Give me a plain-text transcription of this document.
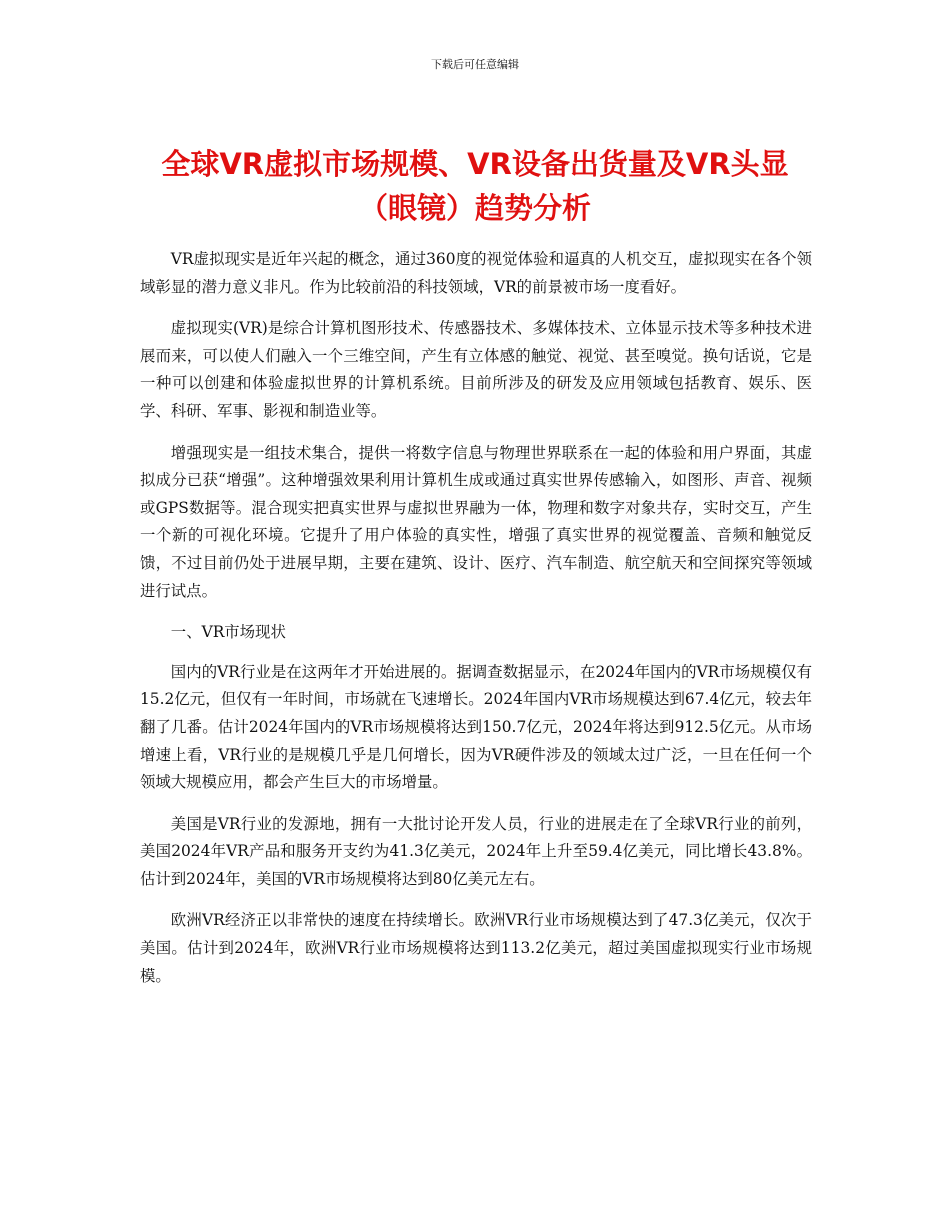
下载后可任意编辑
全球VR虚拟市场规模、VR设备出货量及VR头显（眼镜）趋势分析

VR虚拟现实是近年兴起的概念，通过360度的视觉体验和逼真的人机交互，虚拟现实在各个领域彰显的潜力意义非凡。作为比较前沿的科技领域，VR的前景被市场一度看好。

虚拟现实(VR)是综合计算机图形技术、传感器技术、多媒体技术、立体显示技术等多种技术进展而来，可以使人们融入一个三维空间，产生有立体感的触觉、视觉、甚至嗅觉。换句话说，它是一种可以创建和体验虚拟世界的计算机系统。目前所涉及的研发及应用领域包括教育、娱乐、医学、科研、军事、影视和制造业等。

增强现实是一组技术集合，提供一将数字信息与物理世界联系在一起的体验和用户界面，其虚拟成分已获“增强”。这种增强效果利用计算机生成或通过真实世界传感输入，如图形、声音、视频或GPS数据等。混合现实把真实世界与虚拟世界融为一体，物理和数字对象共存，实时交互，产生一个新的可视化环境。它提升了用户体验的真实性，增强了真实世界的视觉覆盖、音频和触觉反馈，不过目前仍处于进展早期，主要在建筑、设计、医疗、汽车制造、航空航天和空间探究等领域进行试点。

一、VR市场现状

国内的VR行业是在这两年才开始进展的。据调查数据显示，在2024年国内的VR市场规模仅有15.2亿元，但仅有一年时间，市场就在飞速增长。2024年国内VR市场规模达到67.4亿元，较去年翻了几番。估计2024年国内的VR市场规模将达到150.7亿元，2024年将达到912.5亿元。从市场增速上看，VR行业的是规模几乎是几何增长，因为VR硬件涉及的领域太过广泛，一旦在任何一个领域大规模应用，都会产生巨大的市场增量。

美国是VR行业的发源地，拥有一大批讨论开发人员，行业的进展走在了全球VR行业的前列，美国2024年VR产品和服务开支约为41.3亿美元，2024年上升至59.4亿美元，同比增长43.8%。估计到2024年，美国的VR市场规模将达到80亿美元左右。

欧洲VR经济正以非常快的速度在持续增长。欧洲VR行业市场规模达到了47.3亿美元，仅次于美国。估计到2024年，欧洲VR行业市场规模将达到113.2亿美元，超过美国虚拟现实行业市场规模。
